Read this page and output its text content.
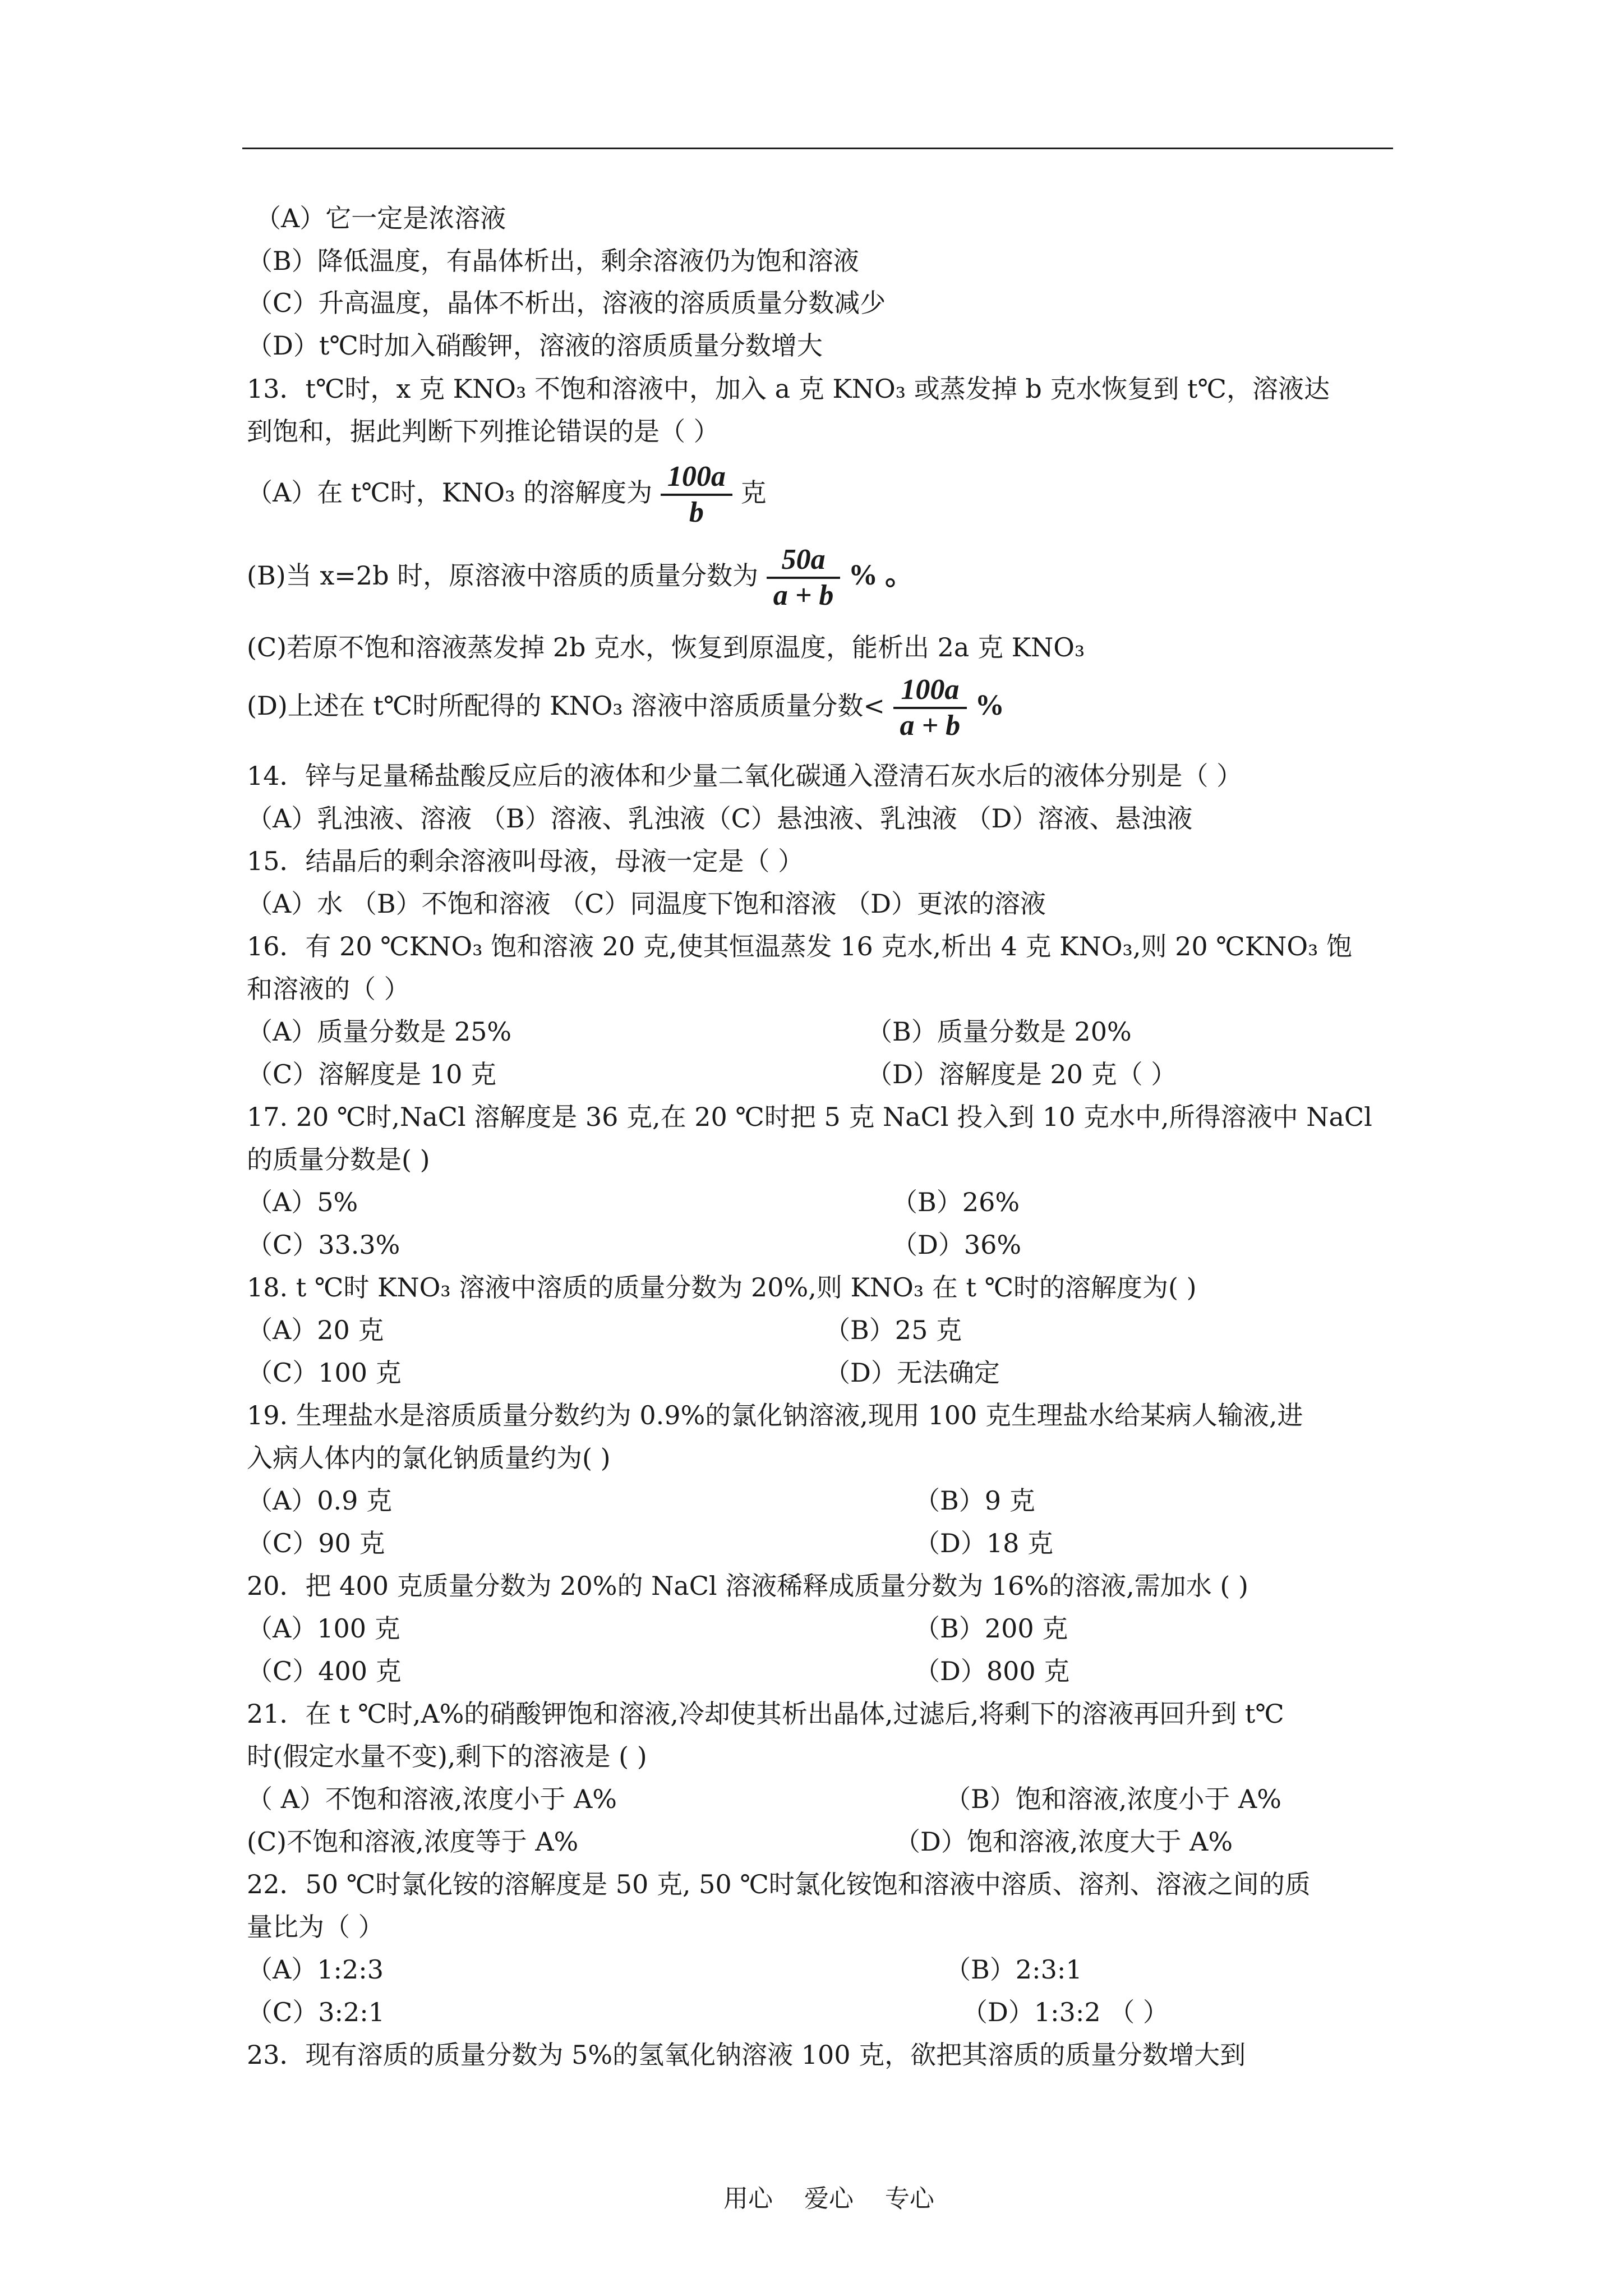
（A）它一定是浓溶液
（B）降低温度，有晶体析出，剩余溶液仍为饱和溶液
（C）升高温度，晶体不析出，溶液的溶质质量分数减少
（D）t℃时加入硝酸钾，溶液的溶质质量分数增大
13．t℃时，x 克 KNO₃ 不饱和溶液中，加入 a 克 KNO₃ 或蒸发掉 b 克水恢复到 t℃，溶液达
到饱和，据此判断下列推论错误的是（ ）
（A）在 t℃时，KNO₃ 的溶解度为 $\frac{100a}{b}$ 克
(B)当 x=2b 时，原溶液中溶质的质量分数为 $\frac{50a}{a + b}$ % 。
(C)若原不饱和溶液蒸发掉 2b 克水，恢复到原温度，能析出 2a 克 KNO₃
(D)上述在 t℃时所配得的 KNO₃ 溶液中溶质质量分数< $\frac{100a}{a + b}$ %
14．锌与足量稀盐酸反应后的液体和少量二氧化碳通入澄清石灰水后的液体分别是（ ）
（A）乳浊液、溶液 （B）溶液、乳浊液（C）悬浊液、乳浊液 （D）溶液、悬浊液
15．结晶后的剩余溶液叫母液，母液一定是（ ）
（A）水 （B）不饱和溶液 （C）同温度下饱和溶液 （D）更浓的溶液
16．有 20 ℃KNO₃ 饱和溶液 20 克,使其恒温蒸发 16 克水,析出 4 克 KNO₃,则 20 ℃KNO₃ 饱
和溶液的（ ）
（A）质量分数是 25%	（B）质量分数是 20%
（C）溶解度是 10 克	（D）溶解度是 20 克（ ）
17. 20 ℃时,NaCl 溶解度是 36 克,在 20 ℃时把 5 克 NaCl 投入到 10 克水中,所得溶液中 NaCl
的质量分数是( )
（A）5%	（B）26%
（C）33.3%	（D）36%
18. t ℃时 KNO₃ 溶液中溶质的质量分数为 20%,则 KNO₃ 在 t ℃时的溶解度为( )
（A）20 克	（B）25 克
（C）100 克	（D）无法确定
19. 生理盐水是溶质质量分数约为 0.9%的氯化钠溶液,现用 100 克生理盐水给某病人输液,进
入病人体内的氯化钠质量约为( )
（A）0.9 克	（B）9 克
（C）90 克	（D）18 克
20．把 400 克质量分数为 20%的 NaCl 溶液稀释成质量分数为 16%的溶液,需加水 ( )
（A）100 克	（B）200 克
（C）400 克	（D）800 克
21．在 t ℃时,A%的硝酸钾饱和溶液,冷却使其析出晶体,过滤后,将剩下的溶液再回升到 t℃
时(假定水量不变),剩下的溶液是 ( )
（ A）不饱和溶液,浓度小于 A%	（B）饱和溶液,浓度小于 A%
(C)不饱和溶液,浓度等于 A%	（D）饱和溶液,浓度大于 A%
22．50 ℃时氯化铵的溶解度是 50 克, 50 ℃时氯化铵饱和溶液中溶质、溶剂、溶液之间的质
量比为（ ）
（A）1:2:3	（B）2:3:1
（C）3:2:1	（D）1:3:2 （ ）
23．现有溶质的质量分数为 5%的氢氧化钠溶液 100 克，欲把其溶质的质量分数增大到
用心    爱心    专心
